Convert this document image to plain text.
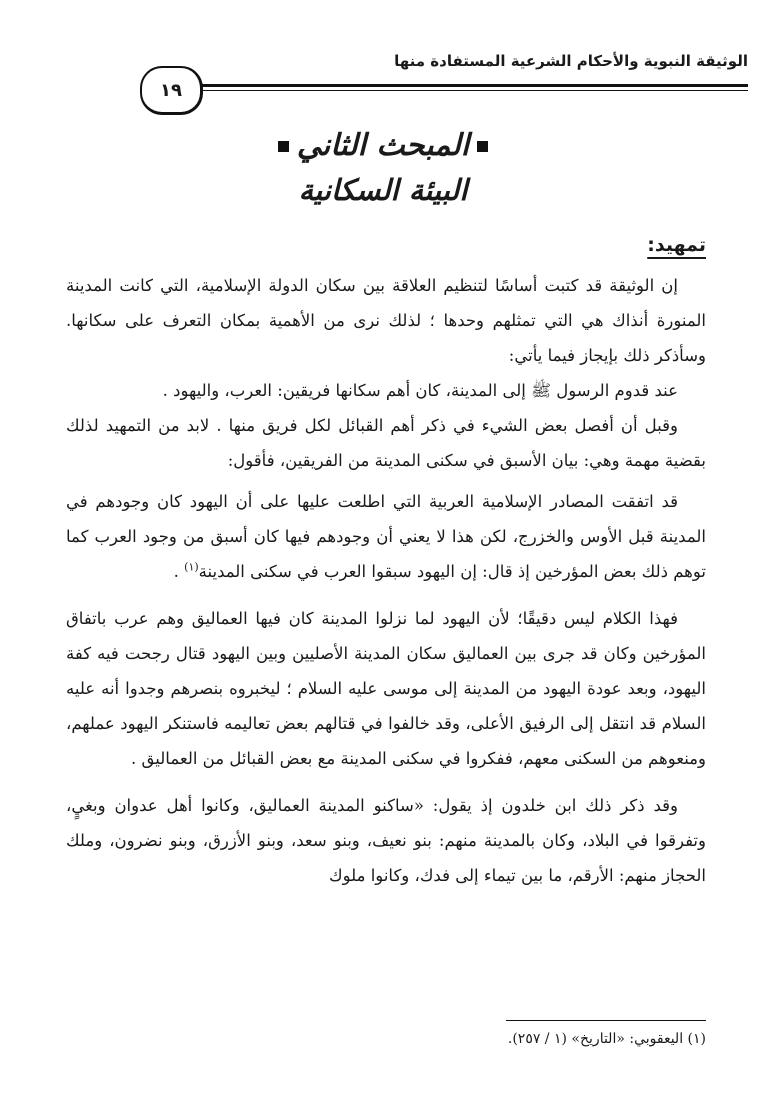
الوثيقة النبوية والأحكام الشرعية المستفادة منها
١٩
المبحث الثاني
البيئة السكانية
تمهيد:

إن الوثيقة قد كتبت أساسًا لتنظيم العلاقة بين سكان الدولة الإسلامية، التي كانت المدينة المنورة أنذاك هي التي تمثلهم وحدها ؛ لذلك نرى من الأهمية بمكان التعرف على سكانها. وسأذكر ذلك بإيجاز فيما يأتي:

عند قدوم الرسول ﷺ إلى المدينة، كان أهم سكانها فريقين: العرب، واليهود .

وقبل أن أفصل بعض الشيء في ذكر أهم القبائل لكل فريق منها . لابد من التمهيد لذلك بقضية مهمة وهي: بيان الأسبق في سكنى المدينة من الفريقين، فأقول:

قد اتفقت المصادر الإسلامية العربية التي اطلعت عليها على أن اليهود كان وجودهم في المدينة قبل الأوس والخزرج، لكن هذا لا يعني أن وجودهم فيها كان أسبق من وجود العرب كما توهم ذلك بعض المؤرخين إذ قال: إن اليهود سبقوا العرب في سكنى المدينة$^{(١)}$ .

فهذا الكلام ليس دقيقًا؛ لأن اليهود لما نزلوا المدينة كان فيها العماليق وهم عرب باتفاق المؤرخين وكان قد جرى بين العماليق سكان المدينة الأصليين وبين اليهود قتال رجحت فيه كفة اليهود، وبعد عودة اليهود من المدينة إلى موسى عليه السلام ؛ ليخبروه بنصرهم وجدوا أنه عليه السلام قد انتقل إلى الرفيق الأعلى، وقد خالفوا في قتالهم بعض تعاليمه فاستنكر اليهود عملهم، ومنعوهم من السكنى معهم، ففكروا في سكنى المدينة مع بعض القبائل من العماليق .

وقد ذكر ذلك ابن خلدون إذ يقول: «ساكنو المدينة العماليق، وكانوا أهل عدوان وبغيٍ، وتفرقوا في البلاد، وكان بالمدينة منهم: بنو نعيف، وبنو سعد، وبنو الأزرق، وبنو نضرون، وملك الحجاز منهم: الأرقم، ما بين تيماء إلى فدك، وكانوا ملوك

(١) اليعقوبي: «التاريخ» (١ / ٢٥٧).
